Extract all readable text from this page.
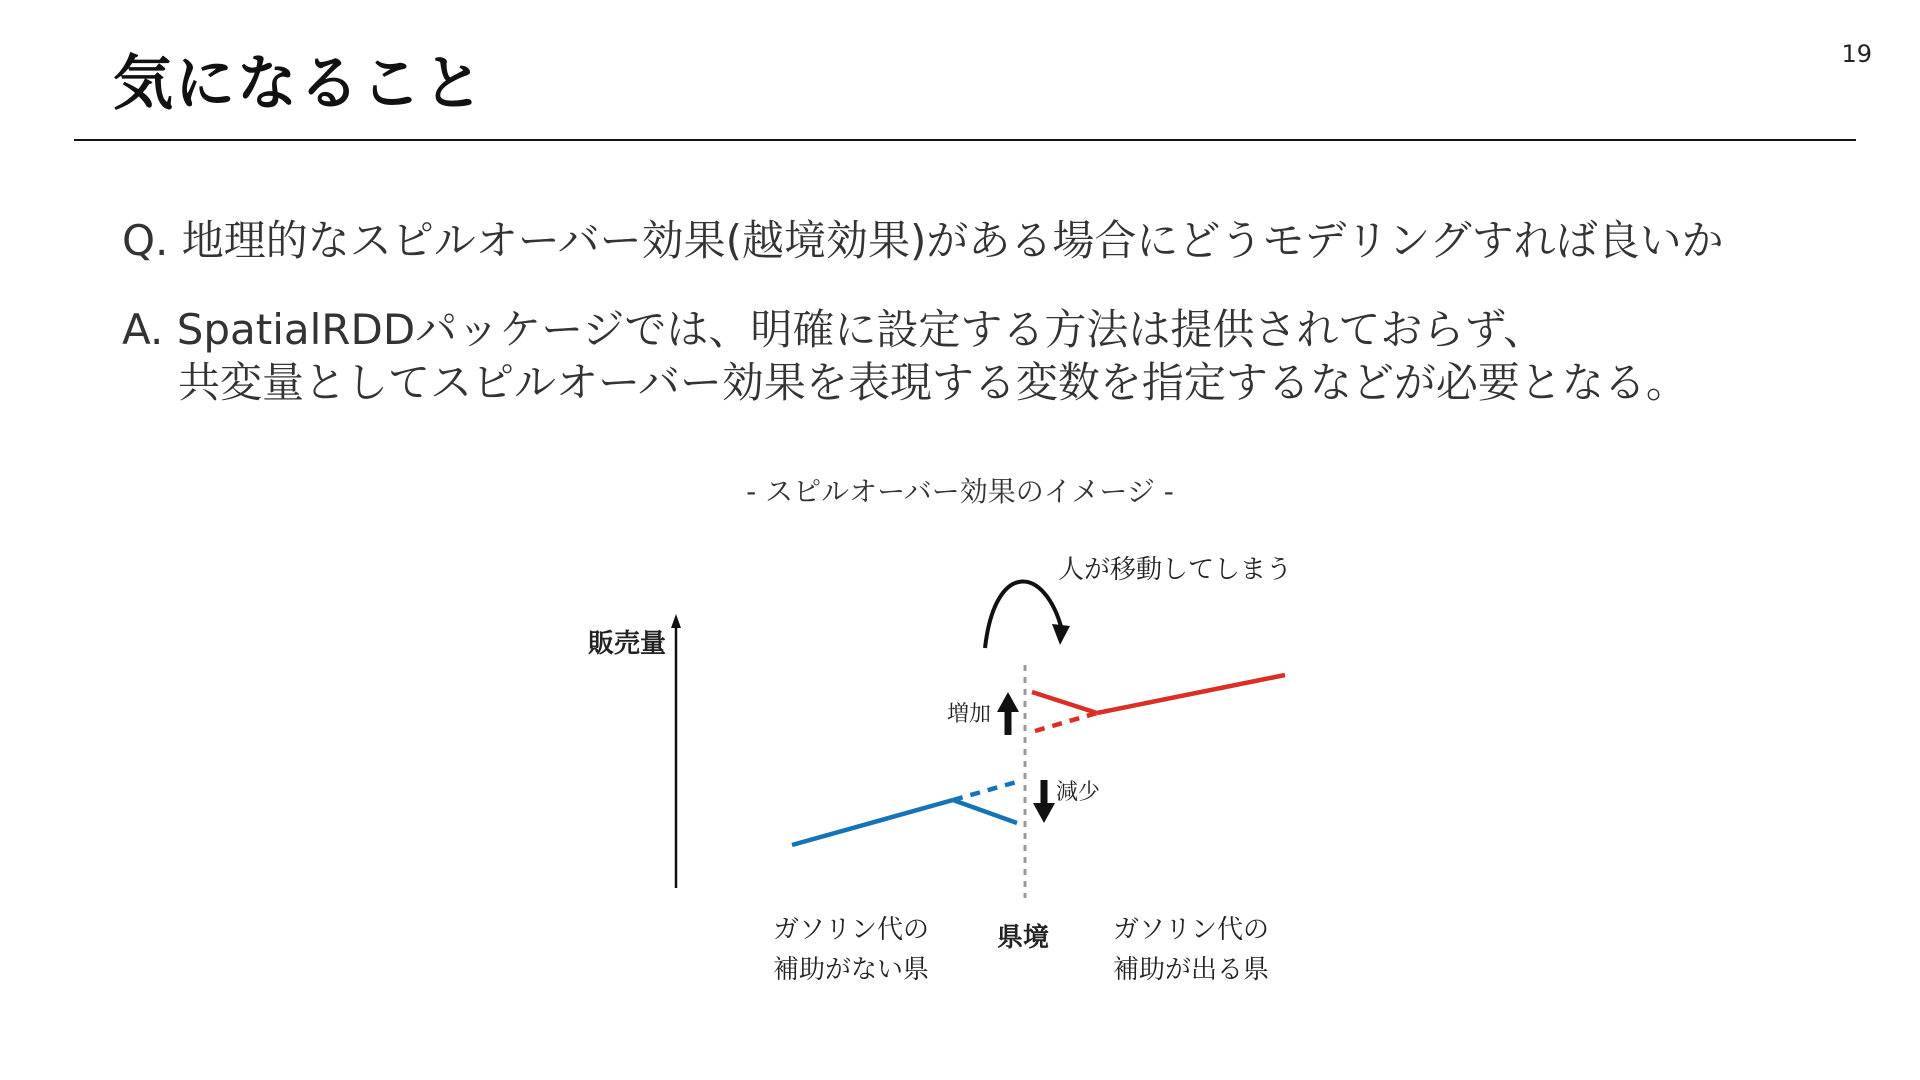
気になること	19
Q. 地理的なスピルオーバー効果(越境効果)がある場合にどうモデリングすれば良いか
A. SpatialRDDパッケージでは、明確に設定する方法は提供されておらず、
共変量としてスピルオーバー効果を表現する変数を指定するなどが必要となる。
- スピルオーバー効果のイメージ -
人が移動してしまう
販売量
増加
減少
県境
ガソリン代の
補助がない県
ガソリン代の
補助が出る県
